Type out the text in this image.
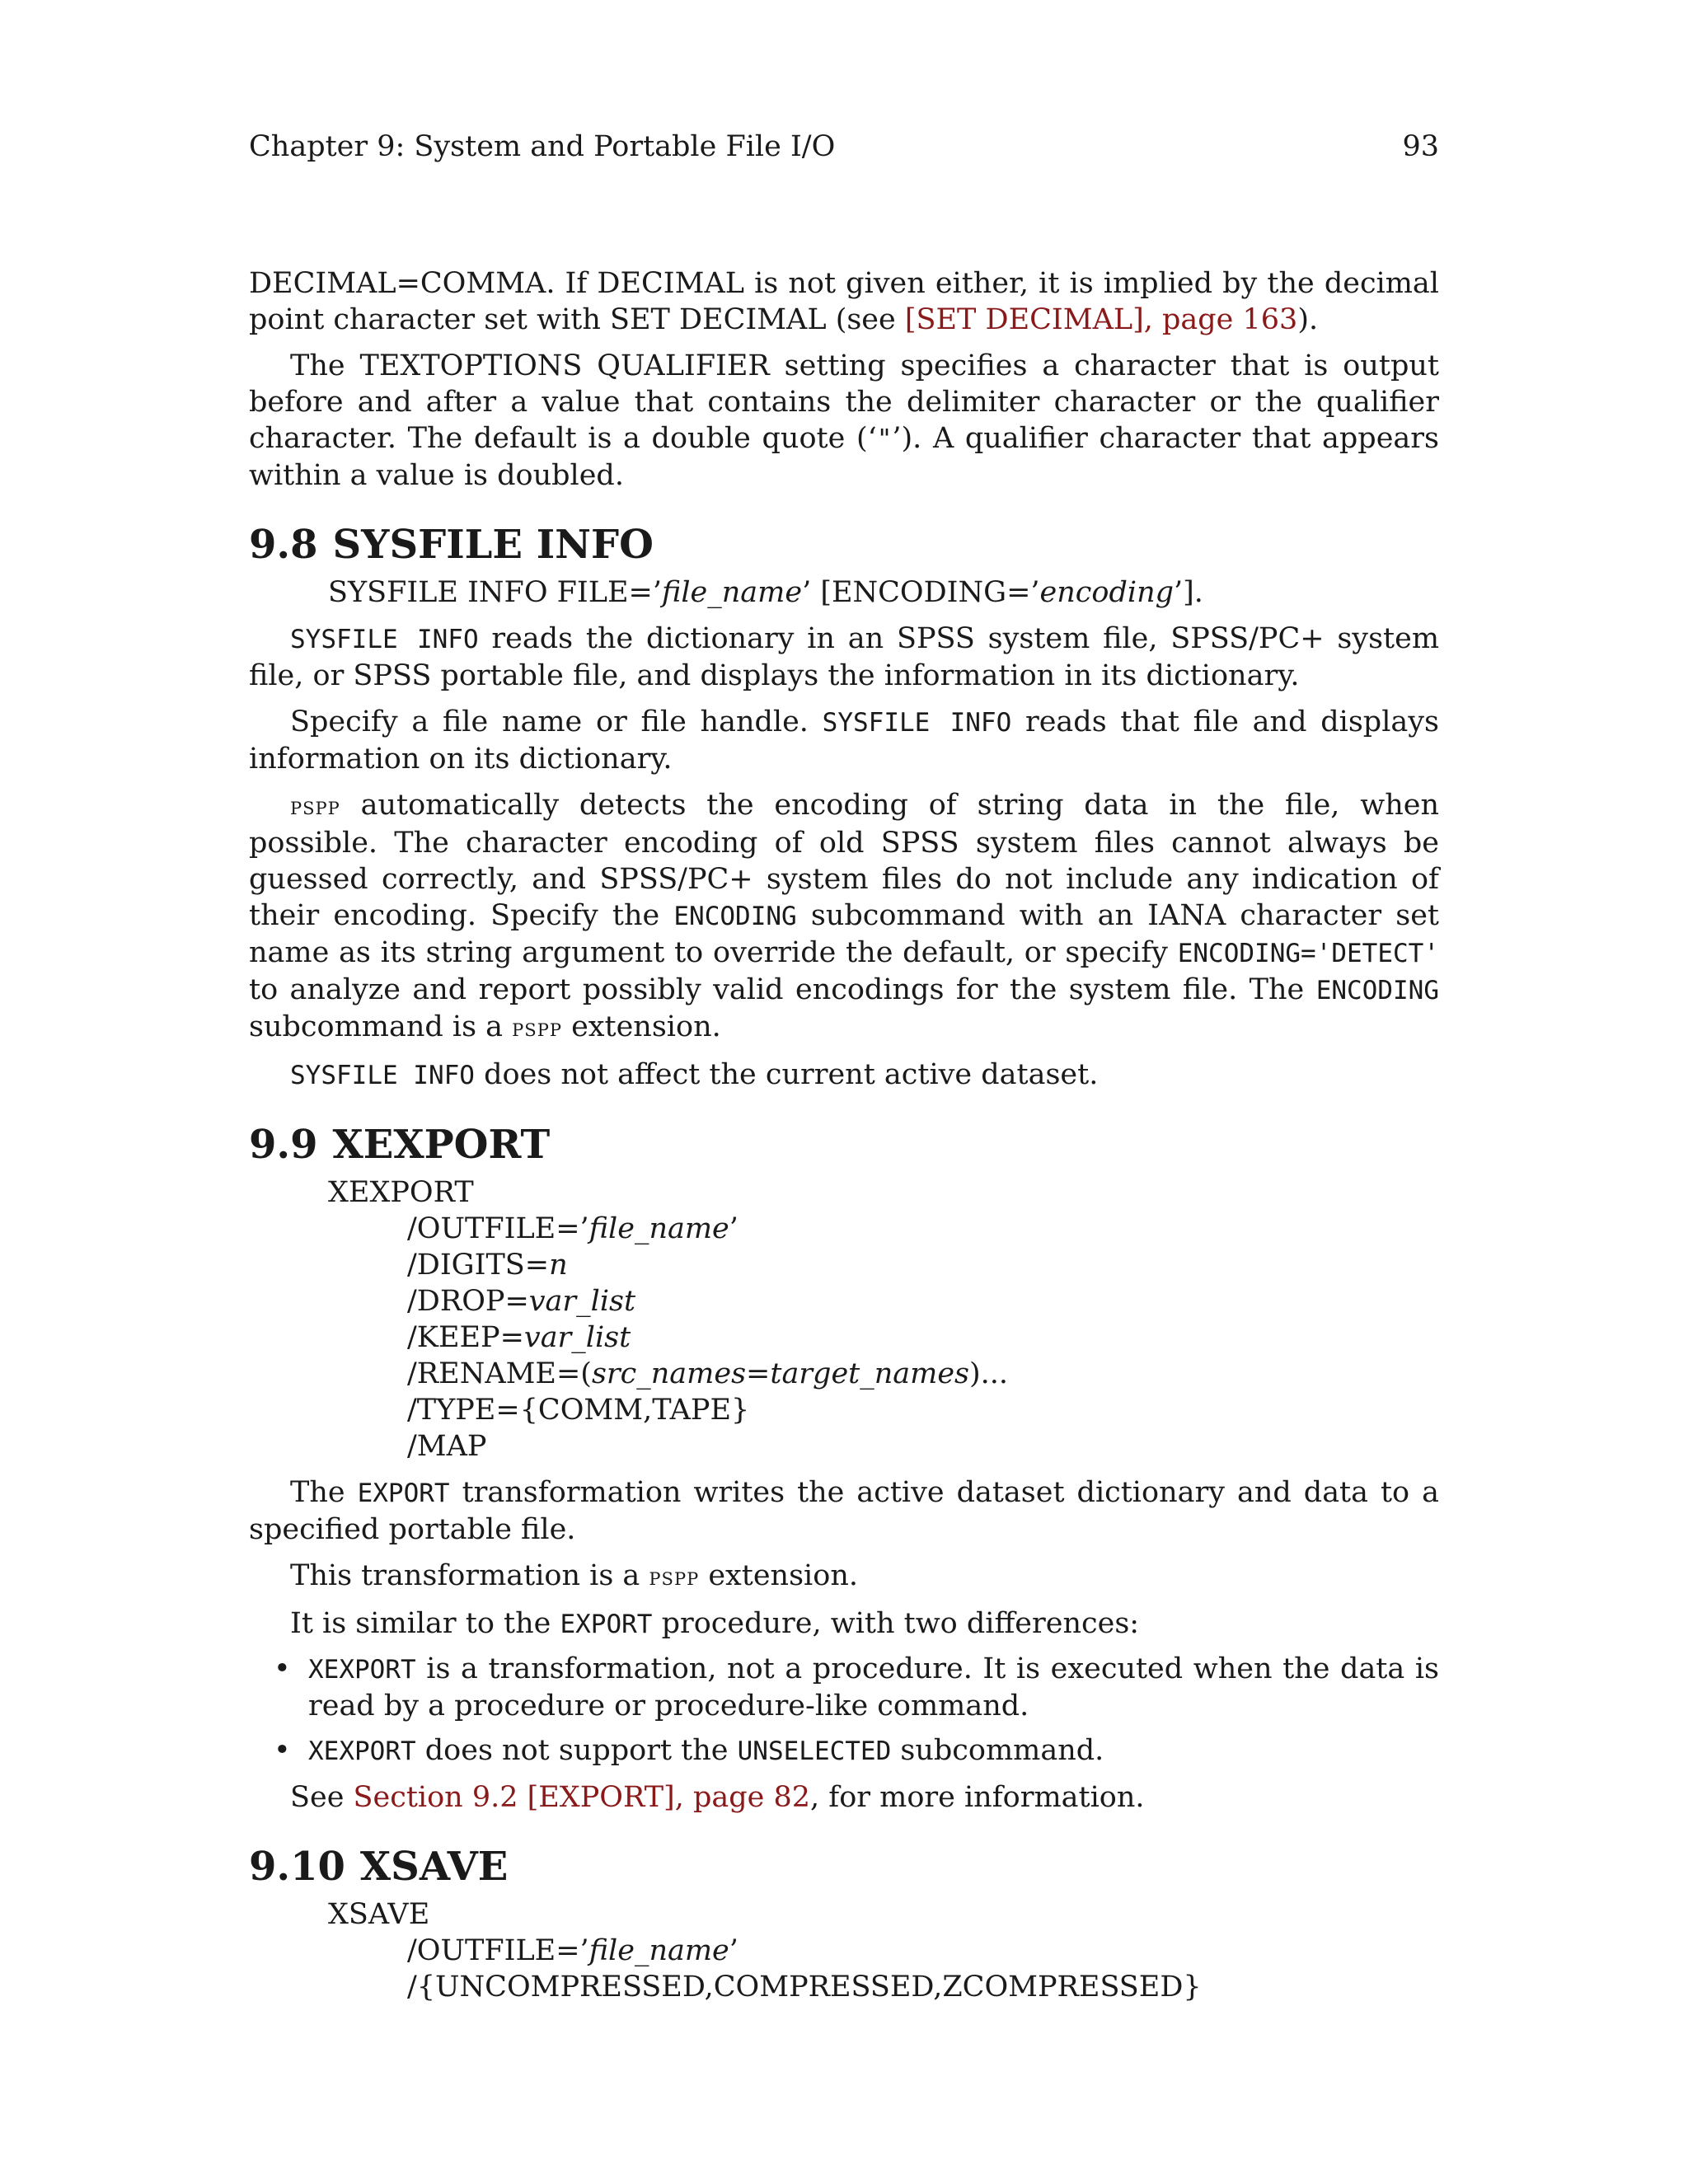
Chapter 9: System and Portable File I/O	93

DECIMAL=COMMA. If DECIMAL is not given either, it is implied by the decimal point character set with SET DECIMAL (see [SET DECIMAL], page 163).

The TEXTOPTIONS QUALIFIER setting specifies a character that is output before and after a value that contains the delimiter character or the qualifier character. The default is a double quote (‘"’). A qualifier character that appears within a value is doubled.

9.8 SYSFILE INFO
SYSFILE INFO FILE=’file_name’ [ENCODING=’encoding’].

SYSFILE INFO reads the dictionary in an SPSS system file, SPSS/PC+ system file, or SPSS portable file, and displays the information in its dictionary.

Specify a file name or file handle. SYSFILE INFO reads that file and displays information on its dictionary.

pspp automatically detects the encoding of string data in the file, when possible. The character encoding of old SPSS system files cannot always be guessed correctly, and SPSS/PC+ system files do not include any indication of their encoding. Specify the ENCODING subcommand with an IANA character set name as its string argument to override the default, or specify ENCODING='DETECT' to analyze and report possibly valid encodings for the system file. The ENCODING subcommand is a pspp extension.

SYSFILE INFO does not affect the current active dataset.

9.9 XEXPORT
XEXPORT
/OUTFILE=’file_name’
/DIGITS=n
/DROP=var_list
/KEEP=var_list
/RENAME=(src_names=target_names)...
/TYPE={COMM,TAPE}
/MAP

The EXPORT transformation writes the active dataset dictionary and data to a specified portable file.

This transformation is a pspp extension.

It is similar to the EXPORT procedure, with two differences:

• XEXPORT is a transformation, not a procedure. It is executed when the data is read by a procedure or procedure-like command.
• XEXPORT does not support the UNSELECTED subcommand.

See Section 9.2 [EXPORT], page 82, for more information.

9.10 XSAVE
XSAVE
/OUTFILE=’file_name’
/{UNCOMPRESSED,COMPRESSED,ZCOMPRESSED}
